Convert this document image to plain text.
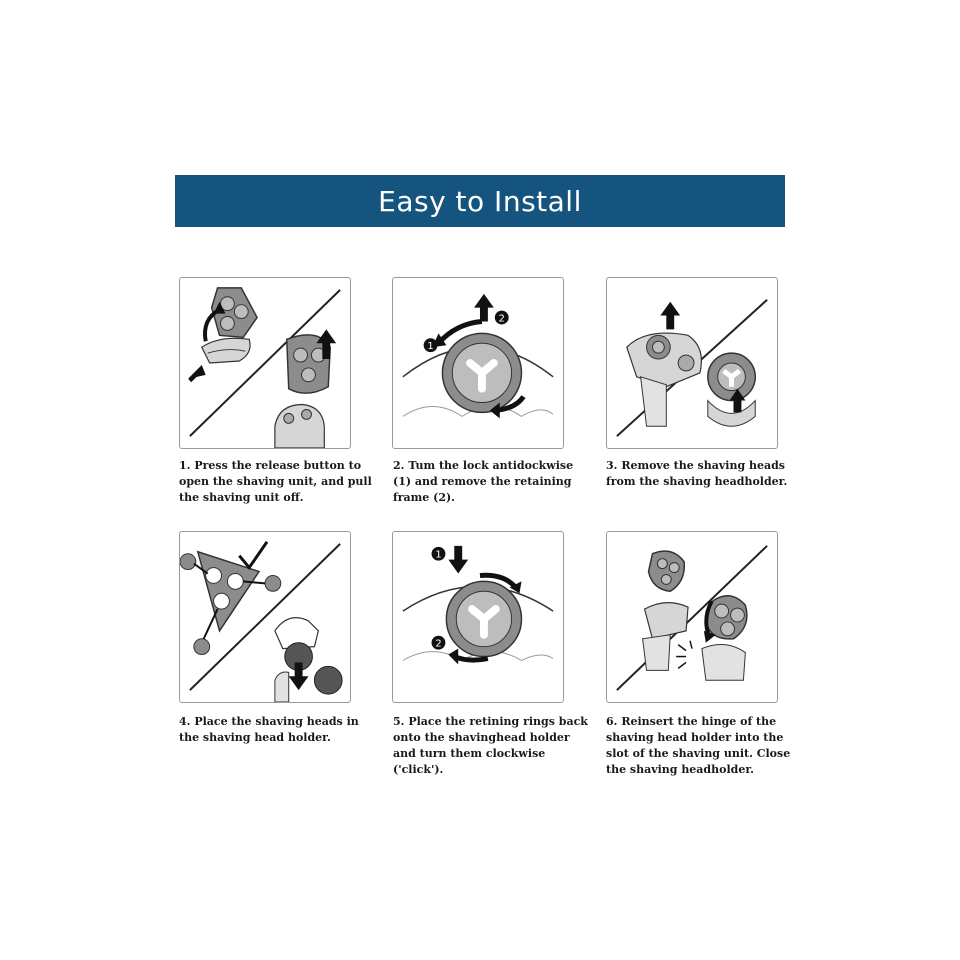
Easy to Install
1
2
1
2

1. Press the release button to open the shaving unit, and pull the shaving unit off.

2. Tum the lock antidockwise (1) and remove the retaining frame (2).

3. Remove the shaving heads from the shaving headholder.

4. Place the shaving heads in the shaving head holder.

5. Place the retining rings back onto the shavinghead holder and turn them clockwise ('click').

6. Reinsert the hinge of the shaving head holder into the slot of the shaving unit. Close the shaving headholder.
